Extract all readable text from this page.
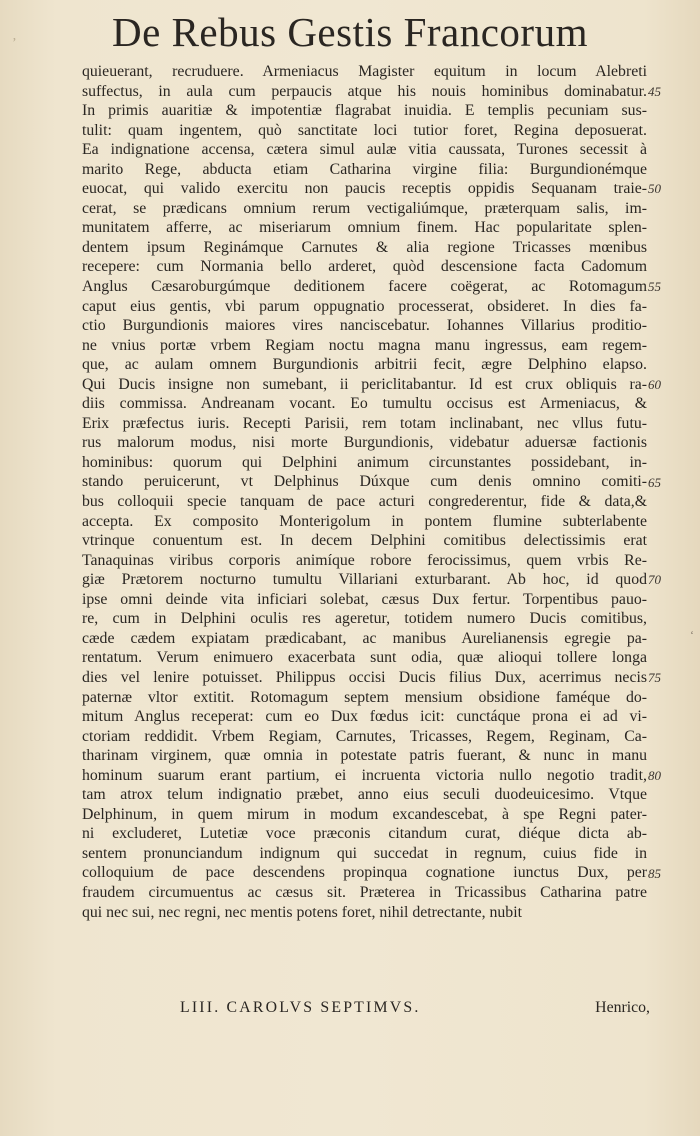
ʼ
ʻ
De Rebus Gestis Francorum
quieuerant, recruduere. Armeniacus Magister equitum in locum Alebreti
suffectus, in aula cum perpaucis atque his nouis hominibus dominabatur.
In primis auaritiæ & impotentiæ flagrabat inuidia. E templis pecuniam sus-
tulit: quam ingentem, quò sanctitate loci tutior foret, Regina deposuerat.
Ea indignatione accensa, cætera simul aulæ vitia caussata, Turones secessit à
marito Rege, abducta etiam Catharina virgine filia: Burgundionémque
euocat, qui valido exercitu non paucis receptis oppidis Sequanam traie-
cerat, se prædicans omnium rerum vectigaliúmque, præterquam salis, im-
munitatem afferre, ac miseriarum omnium finem. Hac popularitate splen-
dentem ipsum Reginámque Carnutes & alia regione Tricasses mœnibus
recepere: cum Normania bello arderet, quòd descensione facta Cadomum
Anglus Cæsaroburgúmque deditionem facere coëgerat, ac Rotomagum
caput eius gentis, vbi parum oppugnatio processerat, obsideret. In dies fa-
ctio Burgundionis maiores vires nanciscebatur. Iohannes Villarius proditio-
ne vnius portæ vrbem Regiam noctu magna manu ingressus, eam regem-
que, ac aulam omnem Burgundionis arbitrii fecit, ægre Delphino elapso.
Qui Ducis insigne non sumebant, ii periclitabantur. Id est crux obliquis ra-
diis commissa. Andreanam vocant. Eo tumultu occisus est Armeniacus, &
Erix præfectus iuris. Recepti Parisii, rem totam inclinabant, nec vllus futu-
rus malorum modus, nisi morte Burgundionis, videbatur aduersæ factionis
hominibus: quorum qui Delphini animum circunstantes possidebant, in-
stando peruicerunt, vt Delphinus Dúxque cum denis omnino comiti-
bus colloquii specie tanquam de pace acturi congrederentur, fide & data,&
accepta. Ex composito Monterigolum in pontem flumine subterlabente
vtrinque conuentum est. In decem Delphini comitibus delectissimis erat
Tanaquinas viribus corporis animíque robore ferocissimus, quem vrbis Re-
giæ Prætorem nocturno tumultu Villariani exturbarant. Ab hoc, id quod
ipse omni deinde vita inficiari solebat, cæsus Dux fertur. Torpentibus pauo-
re, cum in Delphini oculis res ageretur, totidem numero Ducis comitibus,
cæde cædem expiatam prædicabant, ac manibus Aurelianensis egregie pa-
rentatum. Verum enimuero exacerbata sunt odia, quæ alioqui tollere longa
dies vel lenire potuisset. Philippus occisi Ducis filius Dux, acerrimus necis
paternæ vltor extitit. Rotomagum septem mensium obsidione faméque do-
mitum Anglus receperat: cum eo Dux fœdus icit: cunctáque prona ei ad vi-
ctoriam reddidit. Vrbem Regiam, Carnutes, Tricasses, Regem, Reginam, Ca-
tharinam virginem, quæ omnia in potestate patris fuerant, & nunc in manu
hominum suarum erant partium, ei incruenta victoria nullo negotio tradit,
tam atrox telum indignatio præbet, anno eius seculi duodeuicesimo. Vtque
Delphinum, in quem mirum in modum excandescebat, à spe Regni pater-
ni excluderet, Lutetiæ voce præconis citandum curat, diéque dicta ab-
sentem pronunciandum indignum qui succedat in regnum, cuius fide in
colloquium de pace descendens propinqua cognatione iunctus Dux, per
fraudem circumuentus ac cæsus sit. Præterea in Tricassibus Catharina patre
qui nec sui, nec regni, nec mentis potens foret, nihil detrectante, nubit
45
50
55
60
65
70
75
80
85
LIII. CAROLVS SEPTIMVS.	Henrico,
